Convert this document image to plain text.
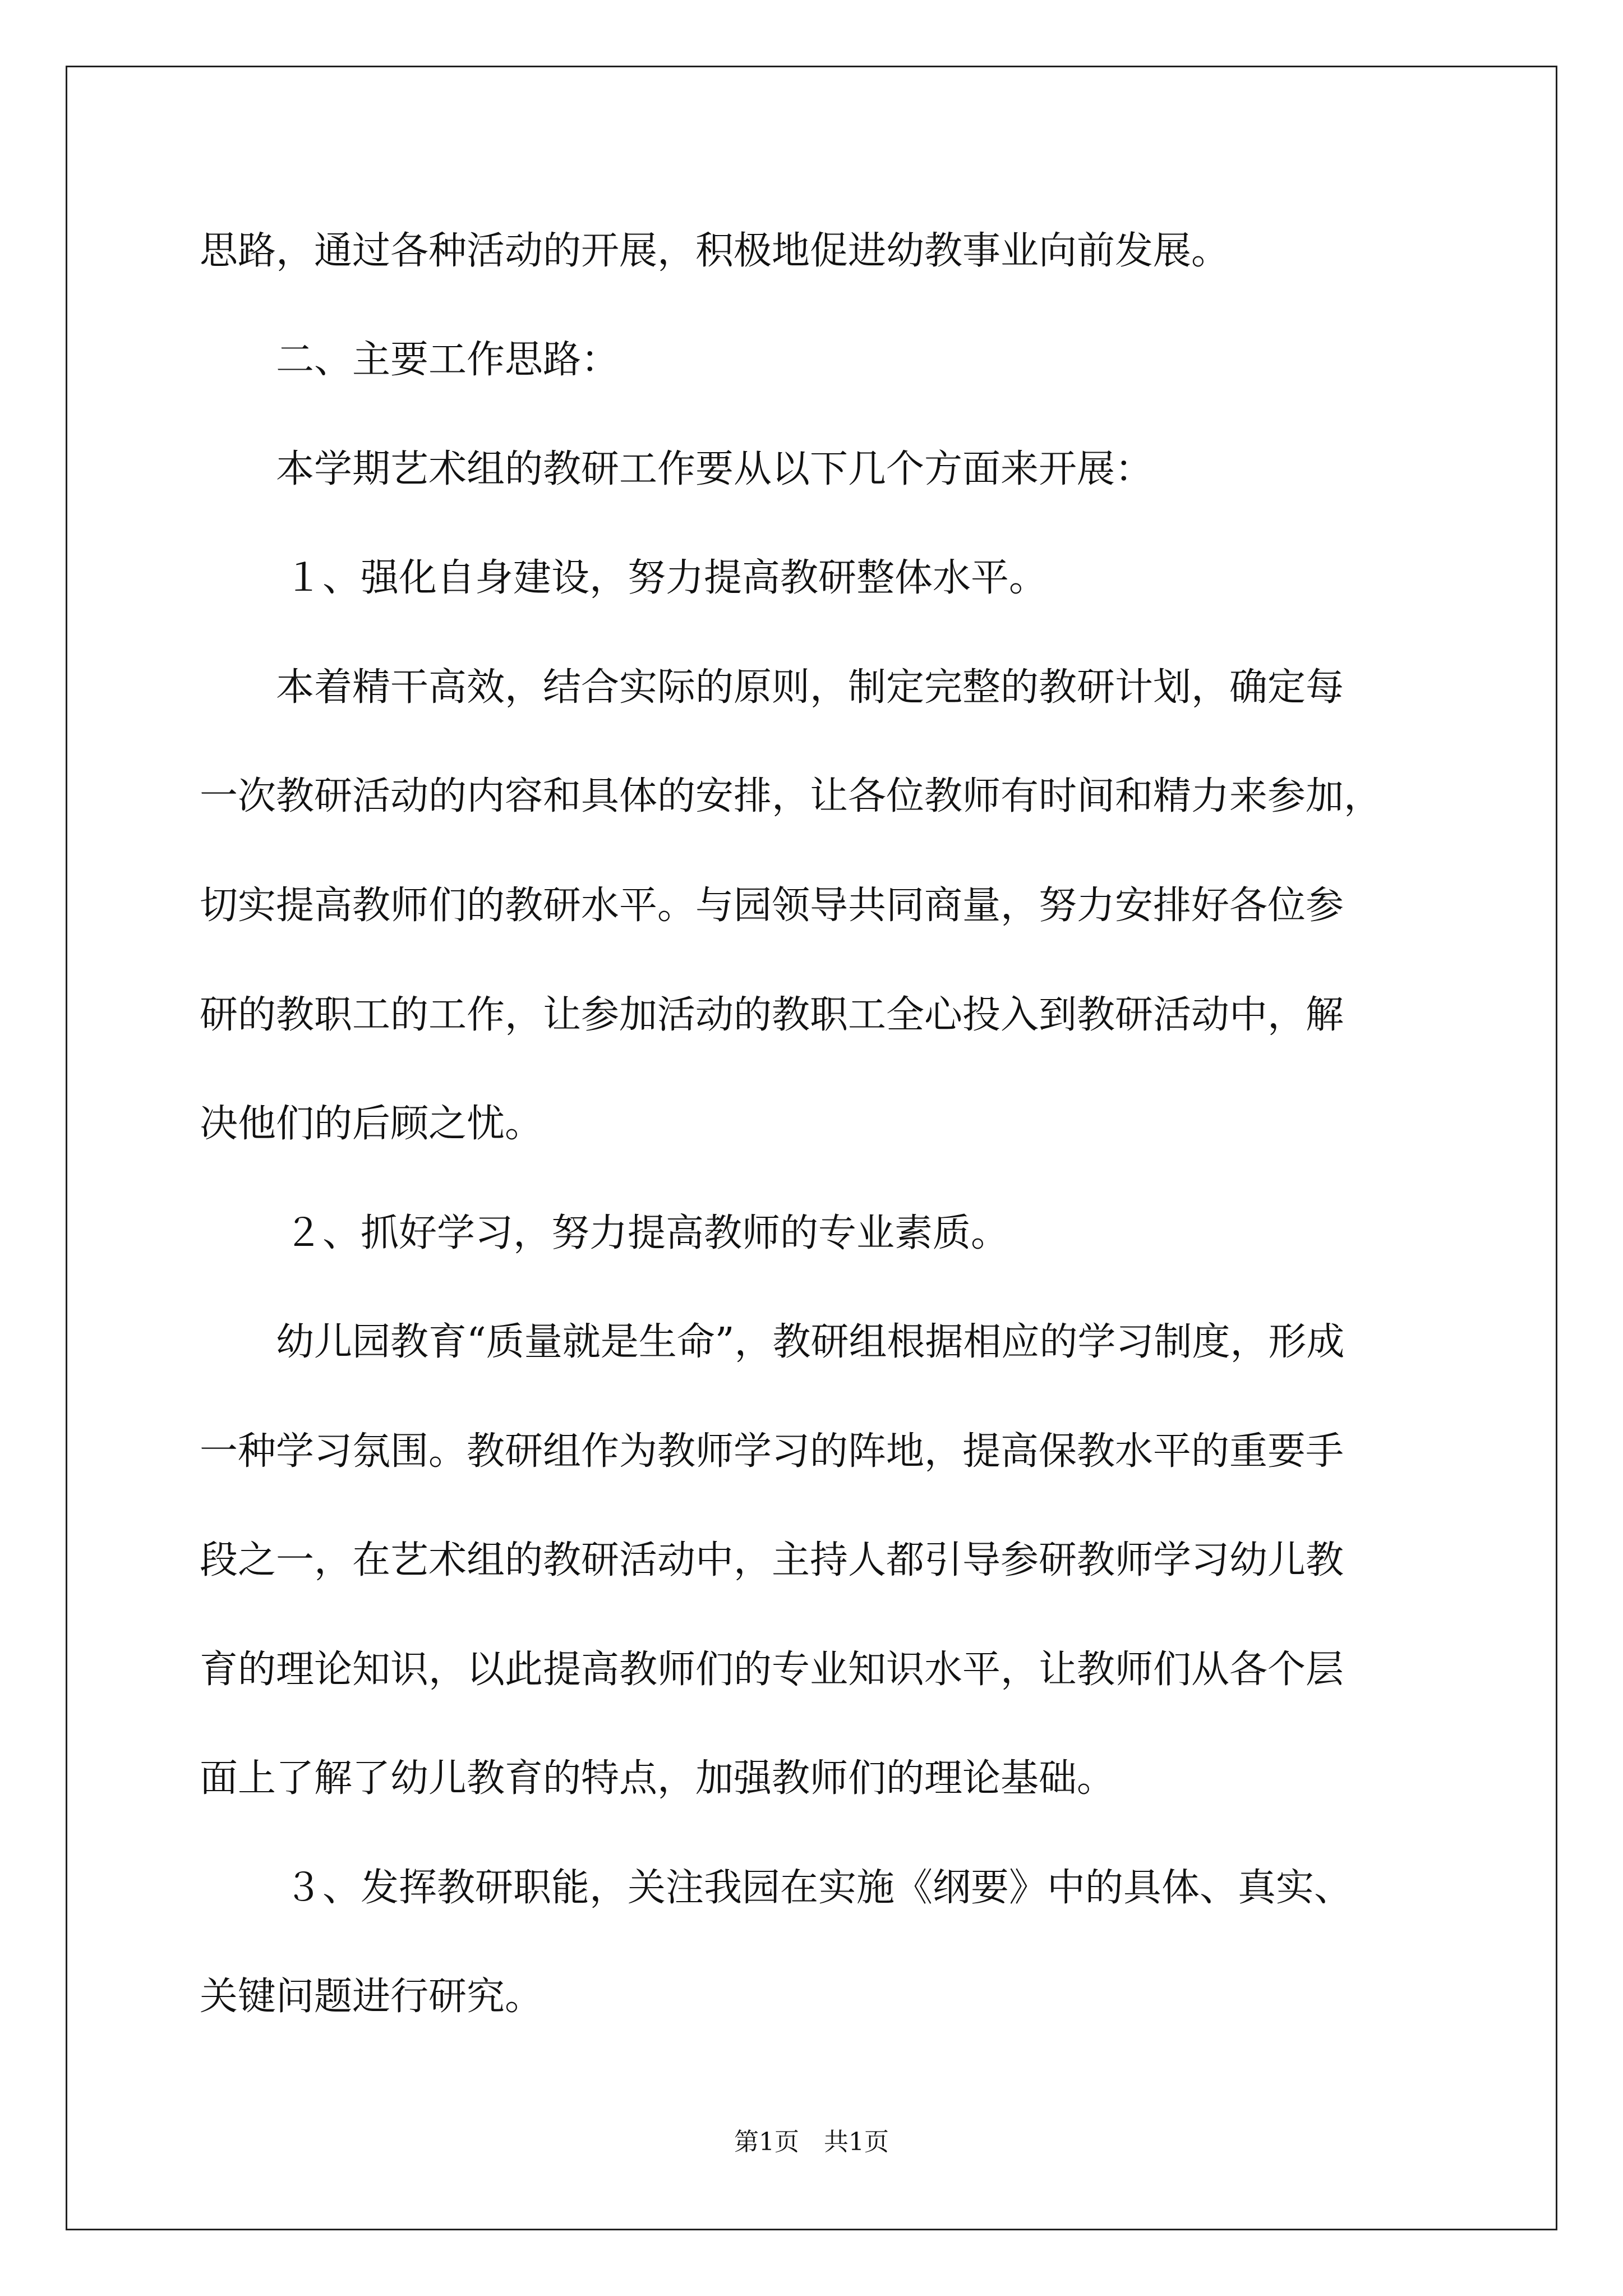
思路，通过各种活动的开展，积极地促进幼教事业向前发展。
二、主要工作思路：
本学期艺术组的教研工作要从以下几个方面来开展：
１、强化自身建设，努力提高教研整体水平。
本着精干高效，结合实际的原则，制定完整的教研计划，确定每
一次教研活动的内容和具体的安排，让各位教师有时间和精力来参加，
切实提高教师们的教研水平。与园领导共同商量，努力安排好各位参
研的教职工的工作，让参加活动的教职工全心投入到教研活动中，解
决他们的后顾之忧。
２、抓好学习，努力提高教师的专业素质。
幼儿园教育“质量就是生命”，教研组根据相应的学习制度，形成
一种学习氛围。教研组作为教师学习的阵地，提高保教水平的重要手
段之一，在艺术组的教研活动中，主持人都引导参研教师学习幼儿教
育的理论知识，以此提高教师们的专业知识水平，让教师们从各个层
面上了解了幼儿教育的特点，加强教师们的理论基础。
３、发挥教研职能，关注我园在实施《纲要》中的具体、真实、
关键问题进行研究。
第1页　共1页
